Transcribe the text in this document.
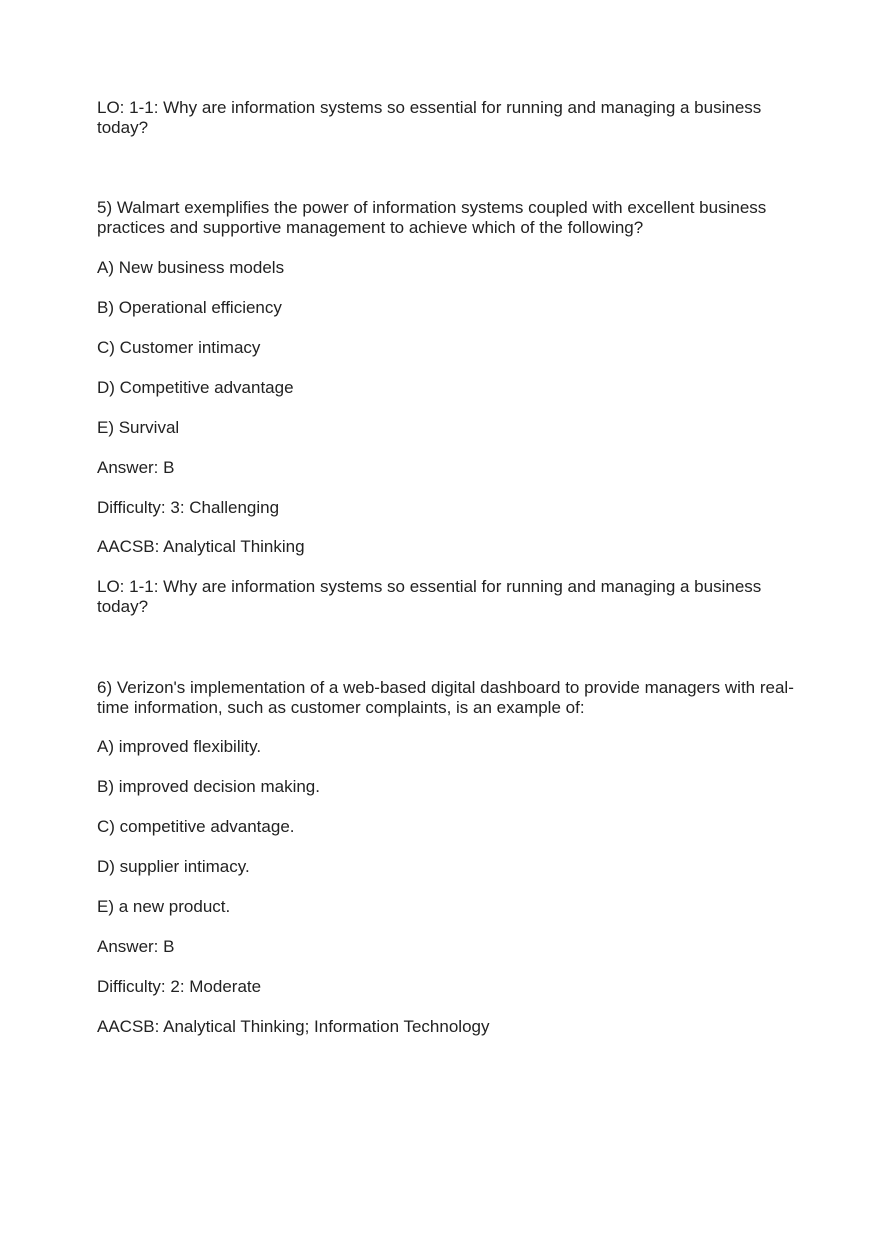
LO: 1-1: Why are information systems so essential for running and managing a business today?
5) Walmart exemplifies the power of information systems coupled with excellent business practices and supportive management to achieve which of the following?
A) New business models
B) Operational efficiency
C) Customer intimacy
D) Competitive advantage
E) Survival
Answer: B
Difficulty: 3: Challenging
AACSB: Analytical Thinking
LO: 1-1: Why are information systems so essential for running and managing a business today?
6) Verizon's implementation of a web-based digital dashboard to provide managers with real-time information, such as customer complaints, is an example of:
A) improved flexibility.
B) improved decision making.
C) competitive advantage.
D) supplier intimacy.
E) a new product.
Answer: B
Difficulty: 2: Moderate
AACSB: Analytical Thinking; Information Technology
